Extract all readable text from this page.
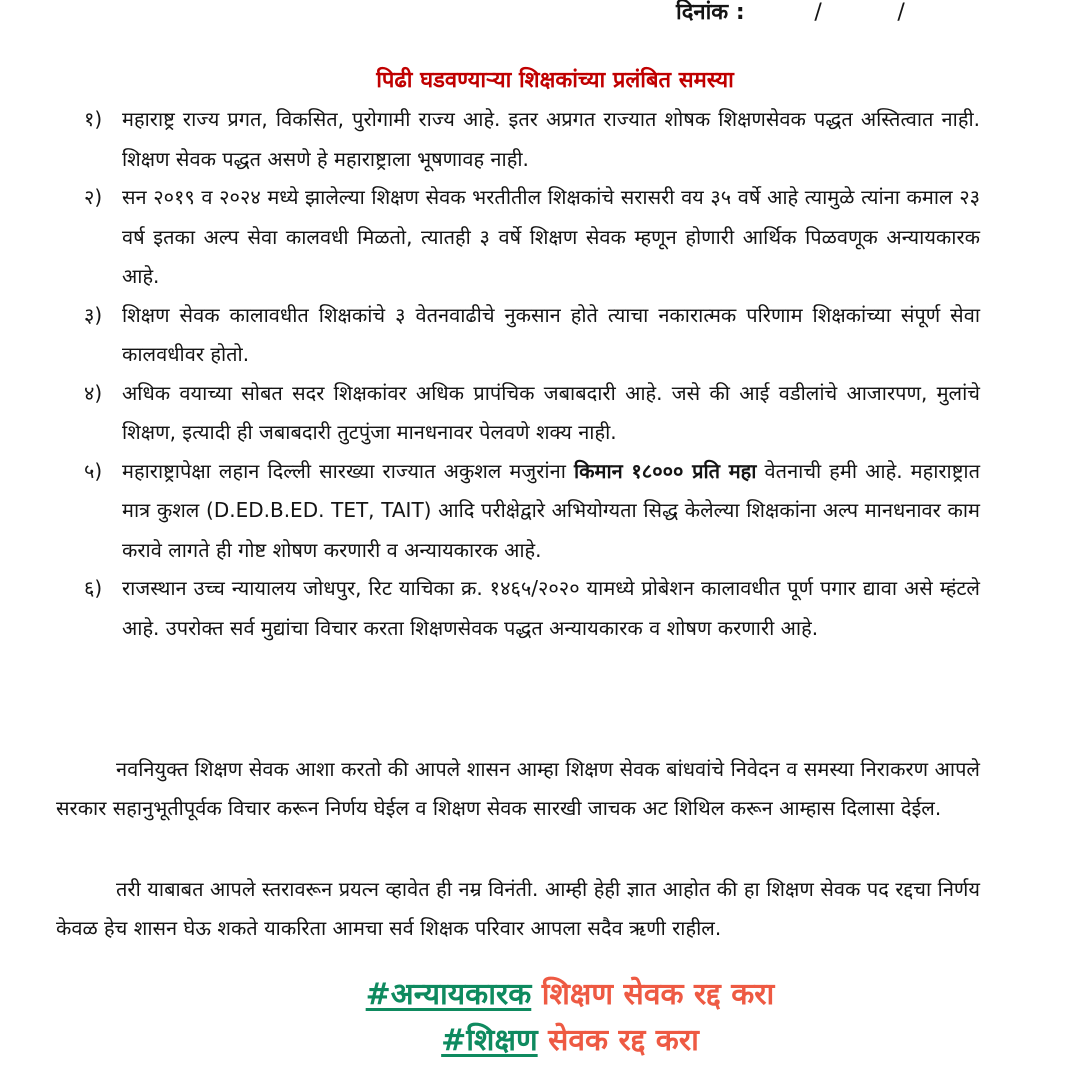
दिनांक :	/	/
पिढी घडवण्याऱ्या शिक्षकांच्या प्रलंबित समस्या
१) महाराष्ट्र राज्य प्रगत, विकसित, पुरोगामी राज्य आहे. इतर अप्रगत राज्यात शोषक शिक्षणसेवक पद्धत अस्तित्वात नाही. शिक्षण सेवक पद्धत असणे हे महाराष्ट्राला भूषणावह नाही.
२) सन २०१९ व २०२४ मध्ये झालेल्या शिक्षण सेवक भरतीतील शिक्षकांचे सरासरी वय ३५ वर्षे आहे त्यामुळे त्यांना कमाल २३ वर्ष इतका अल्प सेवा कालवधी मिळतो, त्यातही ३ वर्षे शिक्षण सेवक म्हणून होणारी आर्थिक पिळवणूक अन्यायकारक आहे.
३) शिक्षण सेवक कालावधीत शिक्षकांचे ३ वेतनवाढीचे नुकसान होते त्याचा नकारात्मक परिणाम शिक्षकांच्या संपूर्ण सेवा कालवधीवर होतो.
४) अधिक वयाच्या सोबत सदर शिक्षकांवर अधिक प्रापंचिक जबाबदारी आहे. जसे की आई वडीलांचे आजारपण, मुलांचे शिक्षण, इत्यादी ही जबाबदारी तुटपुंजा मानधनावर पेलवणे शक्य नाही.
५) महाराष्ट्रापेक्षा लहान दिल्ली सारख्या राज्यात अकुशल मजुरांना किमान १८००० प्रति महा वेतनाची हमी आहे. महाराष्ट्रात मात्र कुशल (D.ED.B.ED. TET, TAIT) आदि परीक्षेद्वारे अभियोग्यता सिद्ध केलेल्या शिक्षकांना अल्प मानधनावर काम करावे लागते ही गोष्ट शोषण करणारी व अन्यायकारक आहे.
६) राजस्थान उच्च न्यायालय जोधपुर, रिट याचिका क्र. १४६५/२०२० यामध्ये प्रोबेशन कालावधीत पूर्ण पगार द्यावा असे म्हंटले आहे. उपरोक्त सर्व मुद्यांचा विचार करता शिक्षणसेवक पद्धत अन्यायकारक व शोषण करणारी आहे.

नवनियुक्त शिक्षण सेवक आशा करतो की आपले शासन आम्हा शिक्षण सेवक बांधवांचे निवेदन व समस्या निराकरण आपले सरकार सहानुभूतीपूर्वक विचार करून निर्णय घेईल व शिक्षण सेवक सारखी जाचक अट शिथिल करून आम्हास दिलासा देईल.

तरी याबाबत आपले स्तरावरून प्रयत्न व्हावेत ही नम्र विनंती. आम्ही हेही ज्ञात आहोत की हा शिक्षण सेवक पद रद्दचा निर्णय केवळ हेच शासन घेऊ शकते याकरिता आमचा सर्व शिक्षक परिवार आपला सदैव ऋणी राहील.

#अन्यायकारक शिक्षण सेवक रद्द करा
#शिक्षण सेवक रद्द करा
